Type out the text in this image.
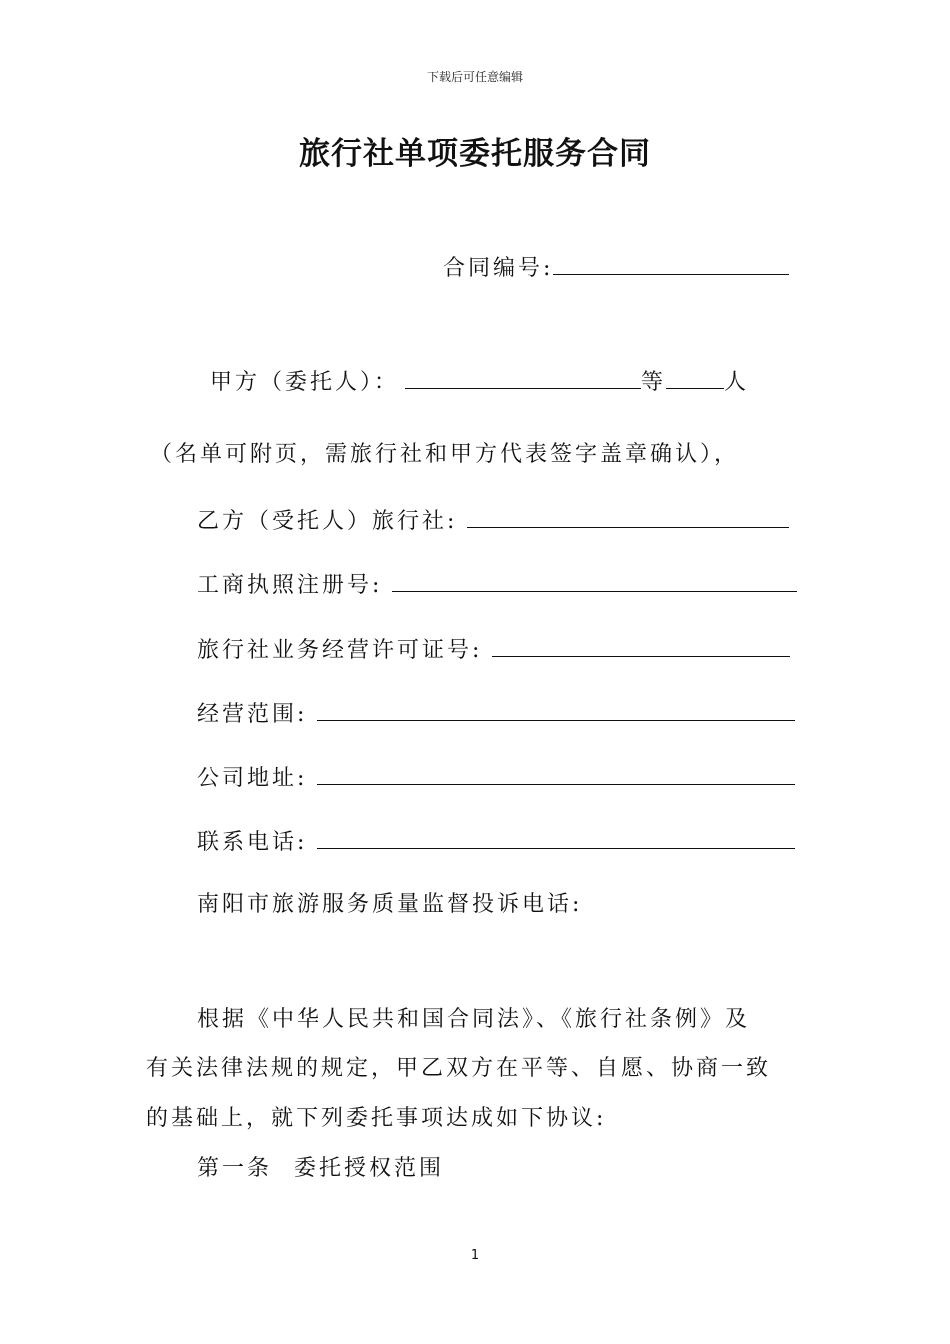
下载后可任意编辑
旅行社单项委托服务合同
合同编号:
甲方（委托人）：	等	人
（名单可附页，需旅行社和甲方代表签字盖章确认），
乙方（受托人）旅行社:
工商执照注册号:
旅行社业务经营许可证号:
经营范围:
公司地址:
联系电话:
南阳市旅游服务质量监督投诉电话:
根据《中华人民共和国合同法》、《旅行社条例》及
有关法律法规的规定，甲乙双方在平等、自愿、协商一致
的基础上，就下列委托事项达成如下协议:
第一条 委托授权范围
1
